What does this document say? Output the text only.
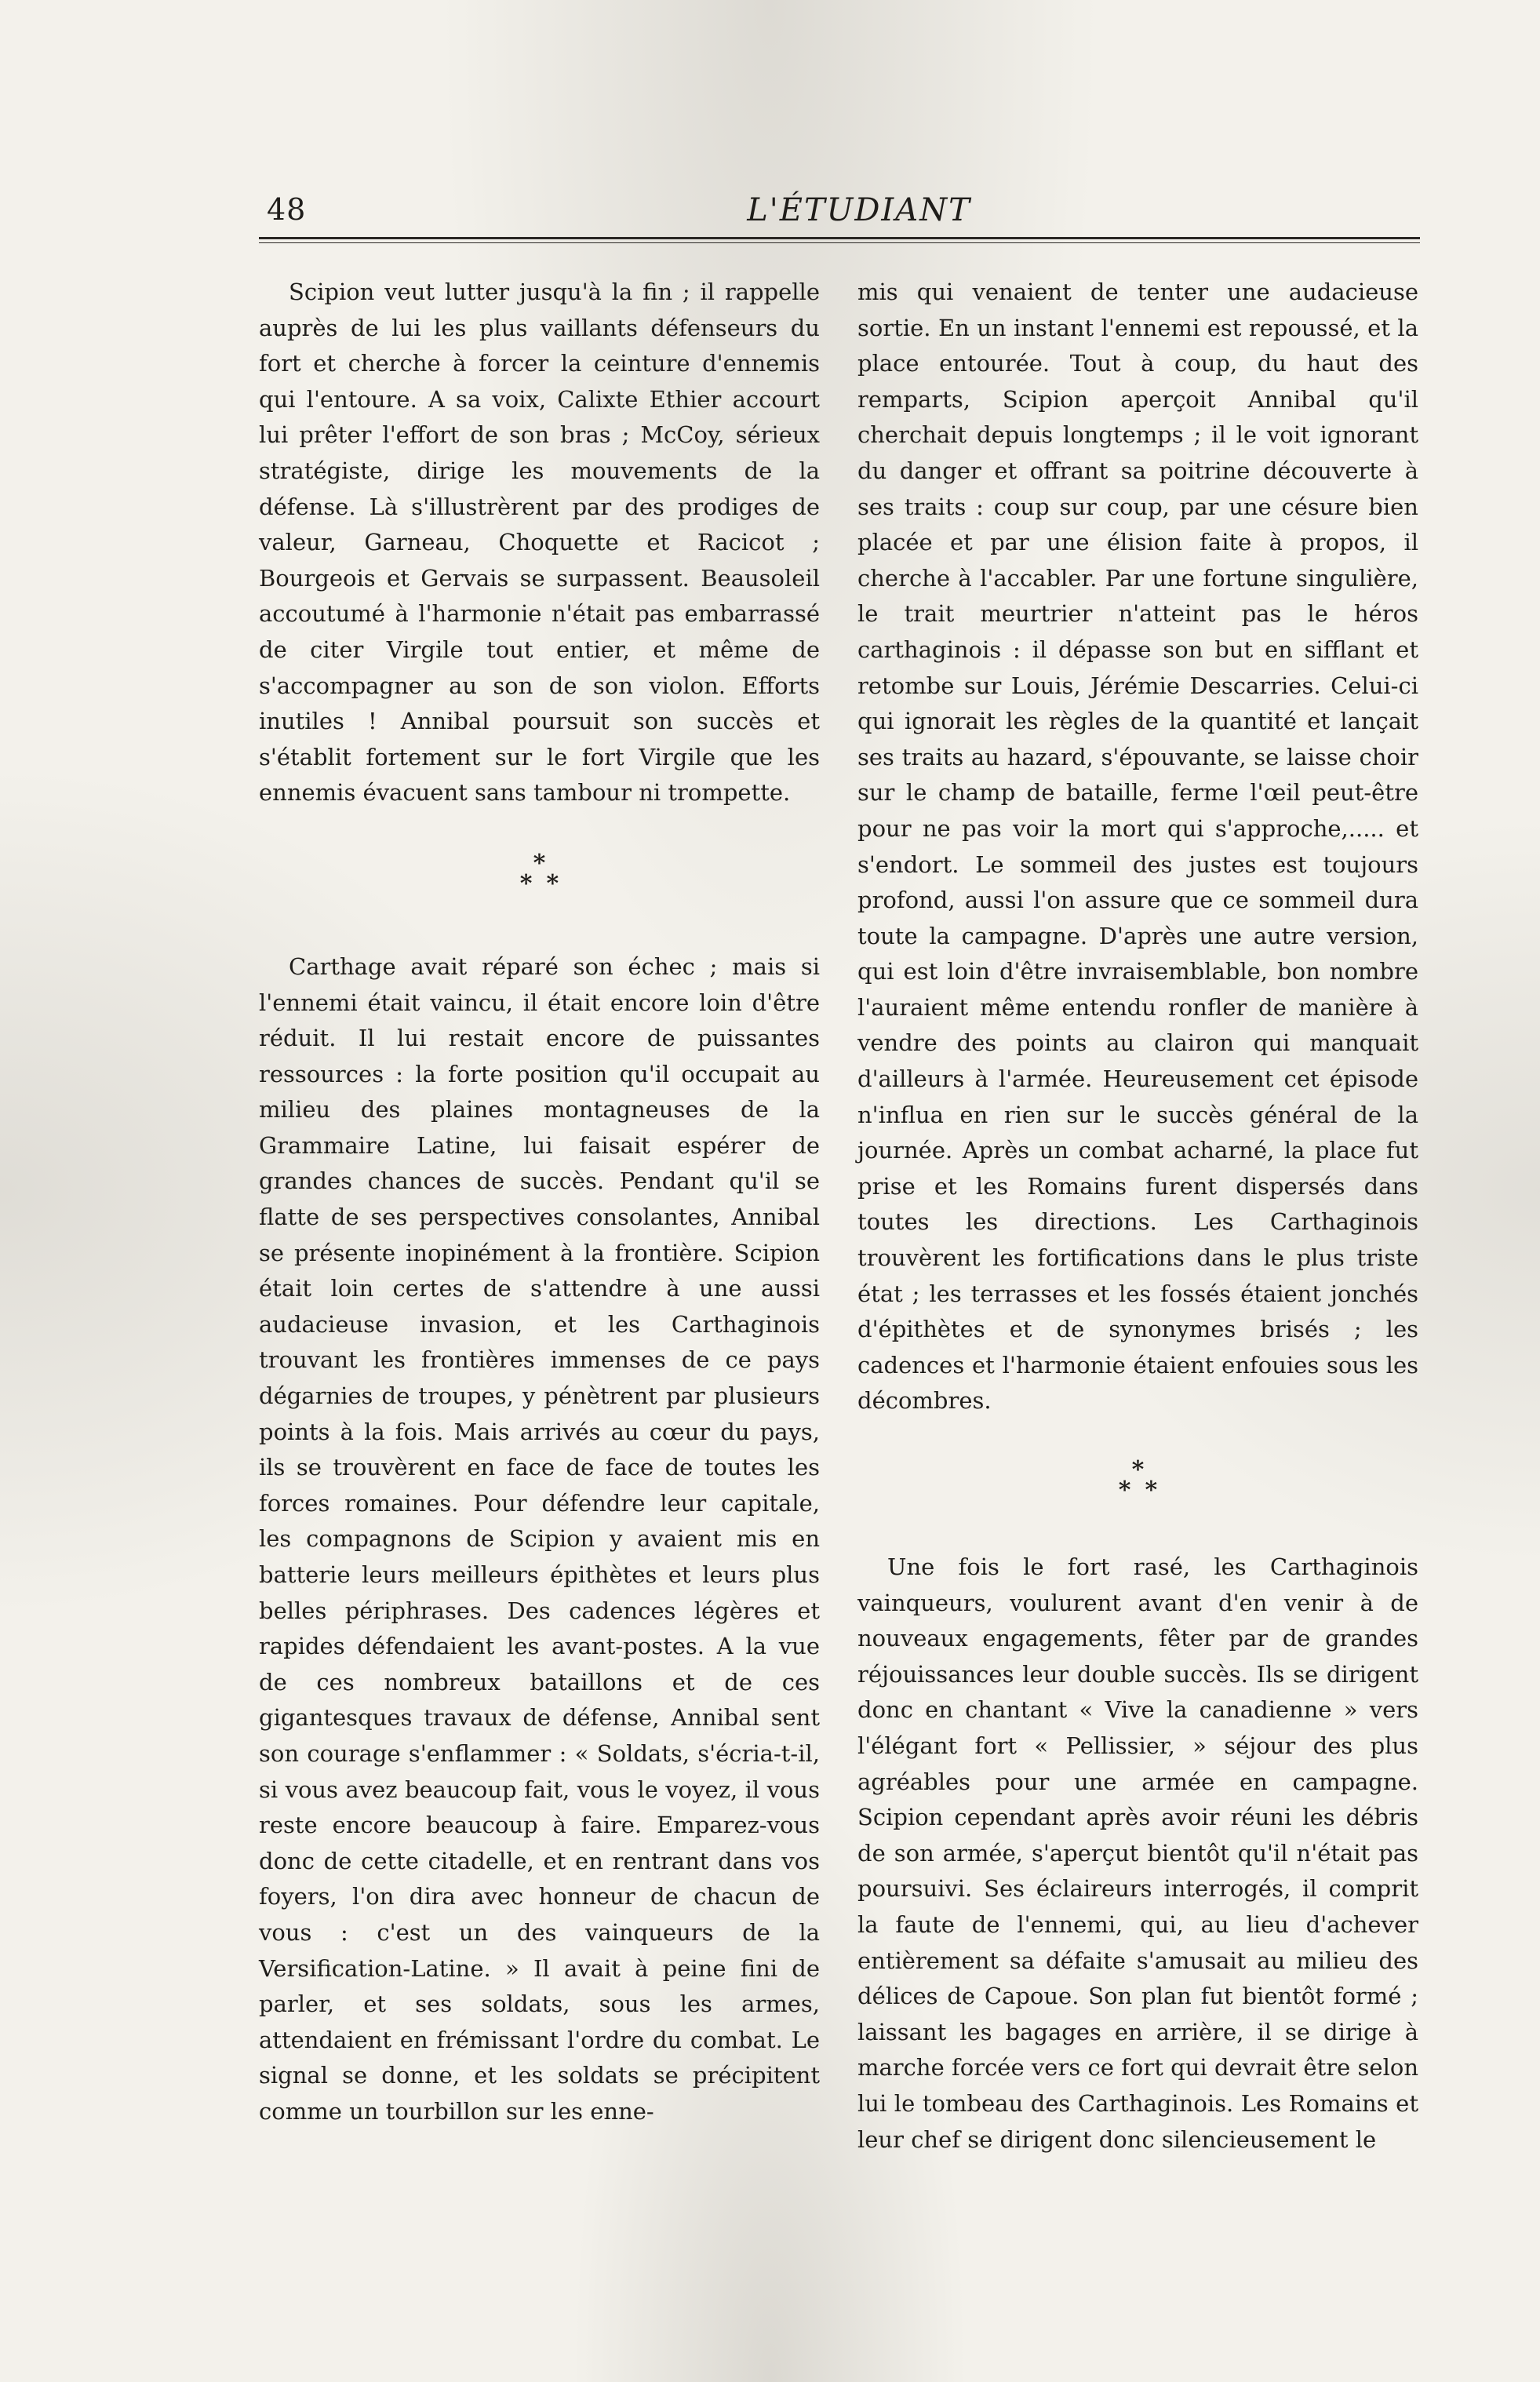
48	L'ÉTUDIANT

Scipion veut lutter jusqu'à la fin ; il rappelle auprès de lui les plus vaillants défenseurs du fort et cherche à forcer la ceinture d'ennemis qui l'entoure. A sa voix, Calixte Ethier accourt lui prêter l'effort de son bras ; McCoy, sérieux stratégiste, dirige les mouvements de la défense. Là s'illustrèrent par des prodiges de valeur, Garneau, Choquette et Racicot ; Bourgeois et Gervais se surpassent. Beausoleil accoutumé à l'harmonie n'était pas embarrassé de citer Virgile tout entier, et même de s'accompagner au son de son violon. Efforts inutiles ! Annibal poursuit son succès et s'établit fortement sur le fort Virgile que les ennemis évacuent sans tambour ni trompette.

*
**

Carthage avait réparé son échec ; mais si l'ennemi était vaincu, il était encore loin d'être réduit. Il lui restait encore de puissantes ressources : la forte position qu'il occupait au milieu des plaines montagneuses de la Grammaire Latine, lui faisait espérer de grandes chances de succès. Pendant qu'il se flatte de ses perspectives consolantes, Annibal se présente inopinément à la frontière. Scipion était loin certes de s'attendre à une aussi audacieuse invasion, et les Carthaginois trouvant les frontières immenses de ce pays dégarnies de troupes, y pénètrent par plusieurs points à la fois. Mais arrivés au cœur du pays, ils se trouvèrent en face de face de toutes les forces romaines. Pour défendre leur capitale, les compagnons de Scipion y avaient mis en batterie leurs meilleurs épithètes et leurs plus belles périphrases. Des cadences légères et rapides défendaient les avant-postes. A la vue de ces nombreux bataillons et de ces gigantesques travaux de défense, Annibal sent son courage s'enflammer : « Soldats, s'écria-t-il, si vous avez beaucoup fait, vous le voyez, il vous reste encore beaucoup à faire. Emparez-vous donc de cette citadelle, et en rentrant dans vos foyers, l'on dira avec honneur de chacun de vous : c'est un des vainqueurs de la Versification-Latine. » Il avait à peine fini de parler, et ses soldats, sous les armes, attendaient en frémissant l'ordre du combat. Le signal se donne, et les soldats se précipitent comme un tourbillon sur les enne-

mis qui venaient de tenter une audacieuse sortie. En un instant l'ennemi est repoussé, et la place entourée. Tout à coup, du haut des remparts, Scipion aperçoit Annibal qu'il cherchait depuis longtemps ; il le voit ignorant du danger et offrant sa poitrine découverte à ses traits : coup sur coup, par une césure bien placée et par une élision faite à propos, il cherche à l'accabler. Par une fortune singulière, le trait meurtrier n'atteint pas le héros carthaginois : il dépasse son but en sifflant et retombe sur Louis, Jérémie Descarries. Celui-ci qui ignorait les règles de la quantité et lançait ses traits au hazard, s'épouvante, se laisse choir sur le champ de bataille, ferme l'œil peut-être pour ne pas voir la mort qui s'approche,..... et s'endort. Le sommeil des justes est toujours profond, aussi l'on assure que ce sommeil dura toute la campagne. D'après une autre version, qui est loin d'être invraisemblable, bon nombre l'auraient même entendu ronfler de manière à vendre des points au clairon qui manquait d'ailleurs à l'armée. Heureusement cet épisode n'influa en rien sur le succès général de la journée. Après un combat acharné, la place fut prise et les Romains furent dispersés dans toutes les directions. Les Carthaginois trouvèrent les fortifications dans le plus triste état ; les terrasses et les fossés étaient jonchés d'épithètes et de synonymes brisés ; les cadences et l'harmonie étaient enfouies sous les décombres.

*
**

Une fois le fort rasé, les Carthaginois vainqueurs, voulurent avant d'en venir à de nouveaux engagements, fêter par de grandes réjouissances leur double succès. Ils se dirigent donc en chantant « Vive la canadienne » vers l'élégant fort « Pellissier, » séjour des plus agréables pour une armée en campagne. Scipion cependant après avoir réuni les débris de son armée, s'aperçut bientôt qu'il n'était pas poursuivi. Ses éclaireurs interrogés, il comprit la faute de l'ennemi, qui, au lieu d'achever entièrement sa défaite s'amusait au milieu des délices de Capoue. Son plan fut bientôt formé ; laissant les bagages en arrière, il se dirige à marche forcée vers ce fort qui devrait être selon lui le tombeau des Carthaginois. Les Romains et leur chef se dirigent donc silencieusement le
